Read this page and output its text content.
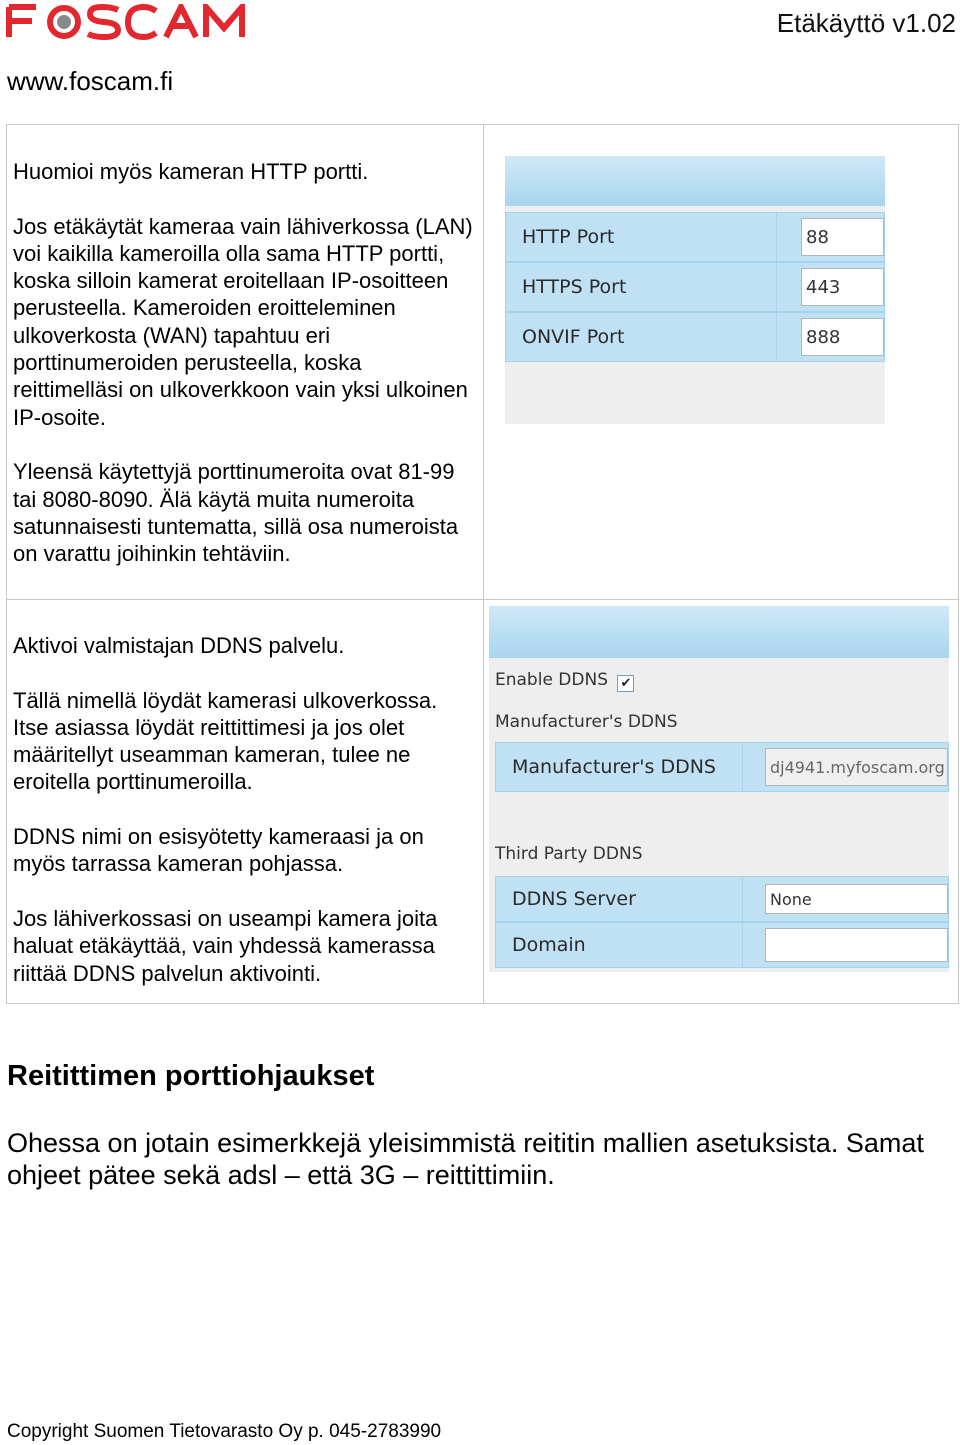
Etäkäyttö v1.02
www.foscam.fi

Huomioi myös kameran HTTP portti.

Jos etäkäytät kameraa vain lähiverkossa (LAN) voi kaikilla kameroilla olla sama HTTP portti, koska silloin kamerat eroitellaan IP-osoitteen perusteella. Kameroiden eroitteleminen ulkoverkosta (WAN) tapahtuu eri porttinumeroiden perusteella, koska reittimelläsi on ulkoverkkoon vain yksi ulkoinen IP-osoite.

Yleensä käytettyjä porttinumeroita ovat 81-99 tai 8080-8090. Älä käytä muita numeroita satunnaisesti tuntematta, sillä osa numeroista on varattu joihinkin tehtäviin.

HTTP Port	88
HTTPS Port	443
ONVIF Port	888

Aktivoi valmistajan DDNS palvelu.

Tällä nimellä löydät kamerasi ulkoverkossa. Itse asiassa löydät reittittimesi ja jos olet määritellyt useamman kameran, tulee ne eroitella porttinumeroilla.

DDNS nimi on esisyötetty kameraasi ja on myös tarrassa kameran pohjassa.

Jos lähiverkossasi on useampi kamera joita haluat etäkäyttää, vain yhdessä kamerassa riittää DDNS palvelun aktivointi.

Enable DDNS ✔
Manufacturer's DDNS
Manufacturer's DDNS	dj4941.myfoscam.org
Third Party DDNS
DDNS Server	None
Domain
Reitittimen porttiohjaukset
Ohessa on jotain esimerkkejä yleisimmistä reititin mallien asetuksista. Samat ohjeet pätee sekä adsl – että 3G – reittittimiin.
Copyright Suomen Tietovarasto Oy p. 045-2783990
